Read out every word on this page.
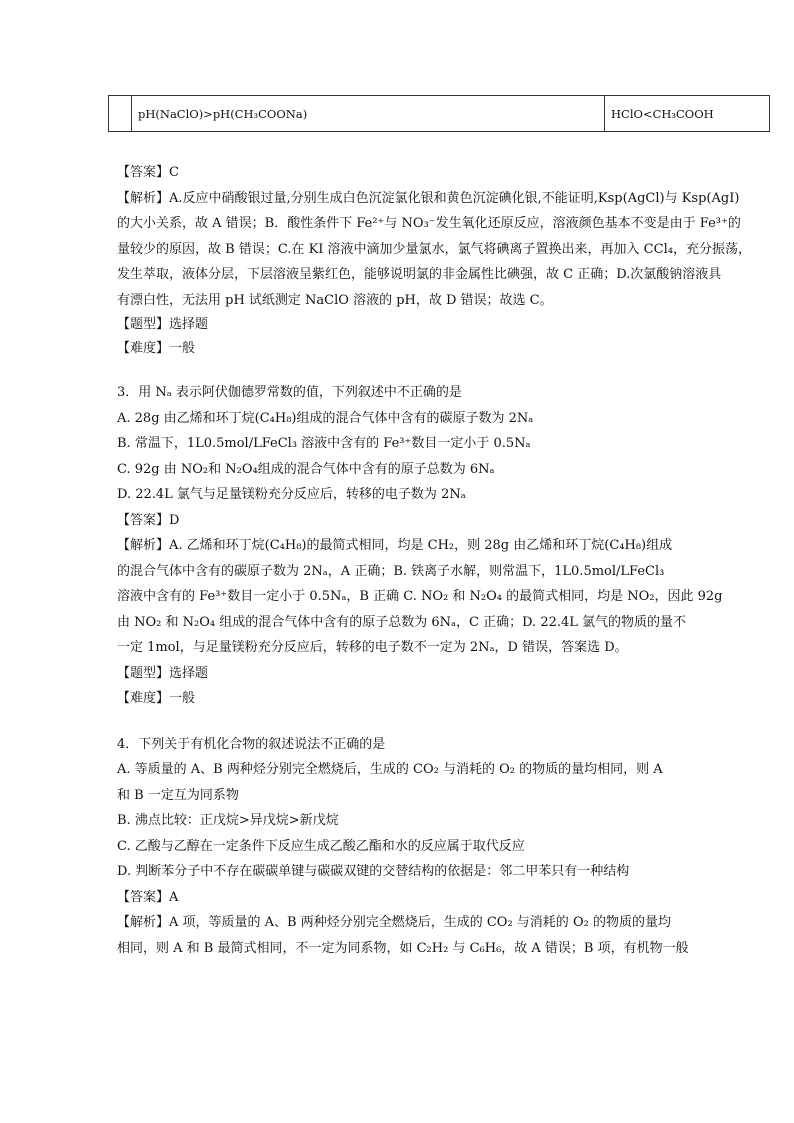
	pH(NaClO)>pH(CH₃COONa)	HClO<CH₃COOH
【答案】C
【解析】A.反应中硝酸银过量,分别生成白色沉淀氯化银和黄色沉淀碘化银,不能证明,Ksp(AgCl)与 Ksp(AgI)
的大小关系，故 A 错误；B．酸性条件下 Fe²⁺与 NO₃⁻发生氧化还原反应，溶液颜色基本不变是由于 Fe³⁺的
量较少的原因，故 B 错误；C.在 KI 溶液中滴加少量氯水，氯气将碘离子置换出来，再加入 CCl₄，充分振荡，
发生萃取，液体分层，下层溶液呈紫红色，能够说明氯的非金属性比碘强，故 C 正确；D.次氯酸钠溶液具
有漂白性，无法用 pH 试纸测定 NaClO 溶液的 pH，故 D 错误；故选 C。
【题型】选择题
【难度】一般
3．用 Nₐ 表示阿伏伽德罗常数的值，下列叙述中不正确的是
A. 28g 由乙烯和环丁烷(C₄H₈)组成的混合气体中含有的碳原子数为 2Nₐ
B. 常温下，1L0.5mol/LFeCl₃ 溶液中含有的 Fe³⁺数目一定小于 0.5Nₐ
C. 92g 由 NO₂和 N₂O₄组成的混合气体中含有的原子总数为 6Nₐ
D. 22.4L 氯气与足量镁粉充分反应后，转移的电子数为 2Nₐ
【答案】D
【解析】A. 乙烯和环丁烷(C₄H₈)的最简式相同，均是 CH₂，则 28g 由乙烯和环丁烷(C₄H₈)组成
的混合气体中含有的碳原子数为 2Nₐ，A 正确；B. 铁离子水解，则常温下，1L0.5mol/LFeCl₃
溶液中含有的 Fe³⁺数目一定小于 0.5Nₐ，B 正确 C. NO₂ 和 N₂O₄ 的最简式相同，均是 NO₂，因此 92g
由 NO₂ 和 N₂O₄ 组成的混合气体中含有的原子总数为 6Nₐ，C 正确；D. 22.4L 氯气的物质的量不
一定 1mol，与足量镁粉充分反应后，转移的电子数不一定为 2Nₐ，D 错误，答案选 D。
【题型】选择题
【难度】一般
4．下列关于有机化合物的叙述说法不正确的是
A. 等质量的 A、B 两种烃分别完全燃烧后，生成的 CO₂ 与消耗的 O₂ 的物质的量均相同，则 A
和 B 一定互为同系物
B. 沸点比较：正戊烷>异戊烷>新戊烷
C. 乙酸与乙醇在一定条件下反应生成乙酸乙酯和水的反应属于取代反应
D. 判断苯分子中不存在碳碳单键与碳碳双键的交替结构的依据是：邻二甲苯只有一种结构
【答案】A
【解析】A 项，等质量的 A、B 两种烃分别完全燃烧后，生成的 CO₂ 与消耗的 O₂ 的物质的量均
相同，则 A 和 B 最简式相同，不一定为同系物，如 C₂H₂ 与 C₆H₆，故 A 错误；B 项，有机物一般
